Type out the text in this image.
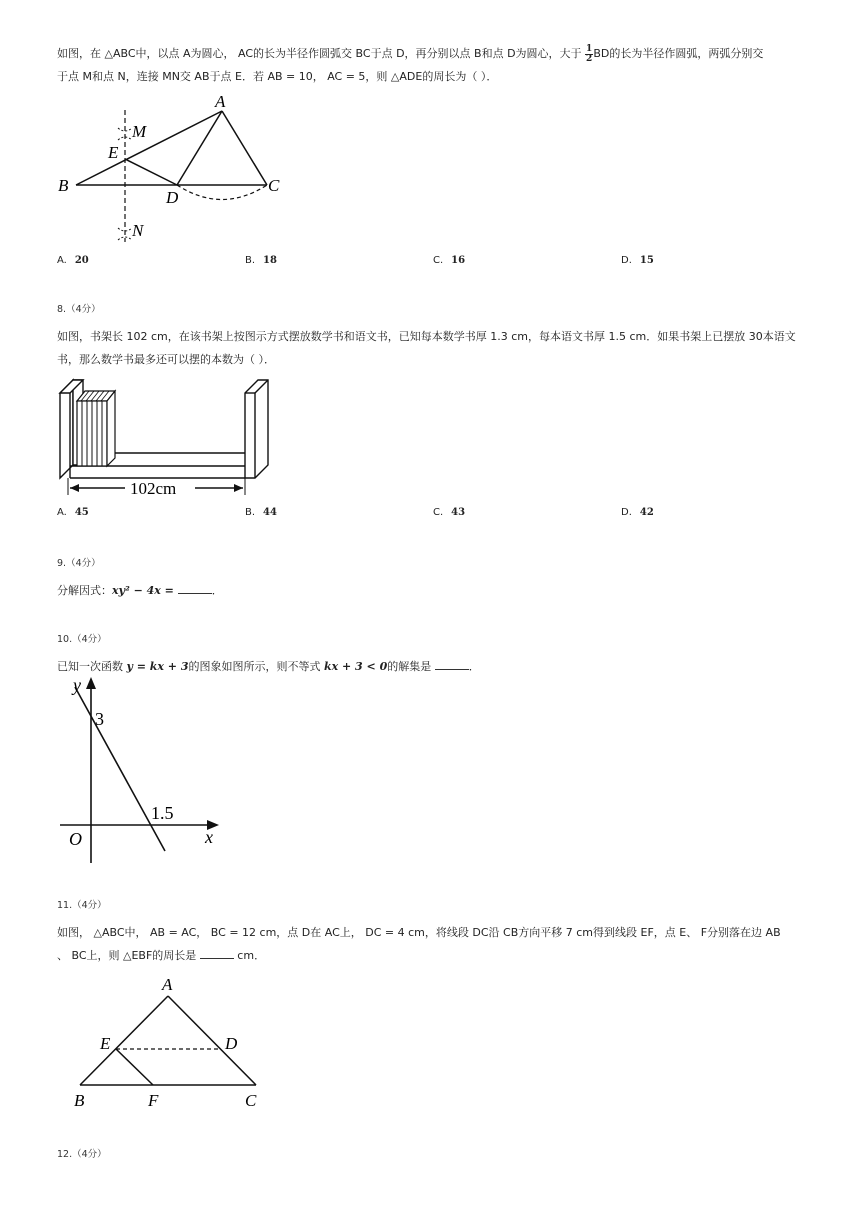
如图，在 △ABC中，以点 A为圆心， AC的长为半径作圆弧交 BC于点 D，再分别以点 B和点 D为圆心，大于 $\frac{1}{2}$ BD的长为半径作圆弧，两弧分别交
于点 M和点 N，连接 MN交 AB于点 E．若 AB = 10， AC = 5，则 △ADE的周长为（ ）．
A
M
E
B
D
C
N
A. 20	B. 18	C. 16	D. 15
8.（4分）
如图，书架长 102 cm，在该书架上按图示方式摆放数学书和语文书，已知每本数学书厚 1.3 cm，每本语文书厚 1.5 cm．如果书架上已摆放 30本语文
书，那么数学书最多还可以摆的本数为（ ）．
102cm
A. 45	B. 44	C. 43	D. 42
9.（4分）
分解因式：xy² − 4x =	．
10.（4分）
已知一次函数 y = kx + 3的图象如图所示，则不等式 kx + 3 < 0的解集是	．
y
3
1.5
O	x
11.（4分）
如图， △ABC中， AB = AC， BC = 12 cm，点 D在 AC上， DC = 4 cm，将线段 DC沿 CB方向平移 7 cm得到线段 EF，点 E、 F分别落在边 AB
、 BC上，则 △EBF的周长是	cm．
A
E	D
B	F	C
12.（4分）
